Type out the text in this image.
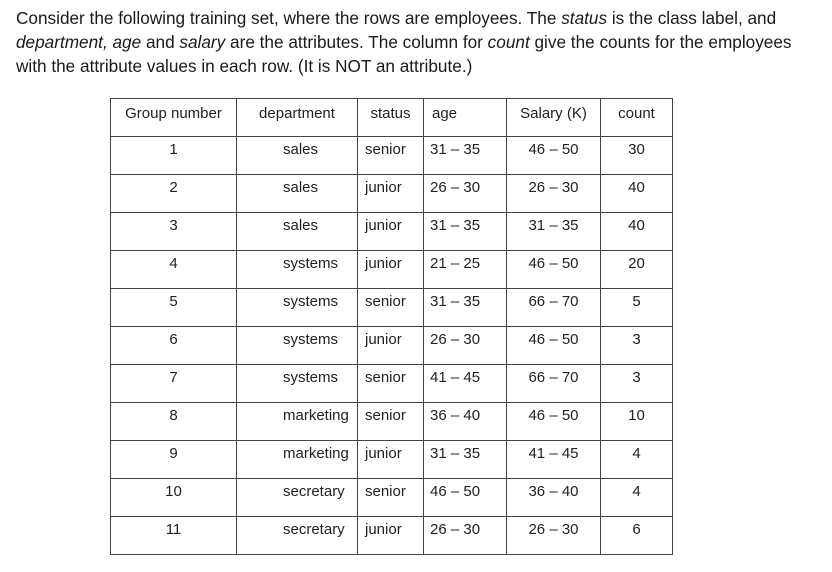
Consider the following training set, where the rows are employees. The status is the class label, and department, age and salary are the attributes. The column for count give the counts for the employees with the attribute values in each row. (It is NOT an attribute.)

Group number	department	status	age	Salary (K)	count
1	sales	senior	31 – 35	46 – 50	30
2	sales	junior	26 – 30	26 – 30	40
3	sales	junior	31 – 35	31 – 35	40
4	systems	junior	21 – 25	46 – 50	20
5	systems	senior	31 – 35	66 – 70	5
6	systems	junior	26 – 30	46 – 50	3
7	systems	senior	41 – 45	66 – 70	3
8	marketing	senior	36 – 40	46 – 50	10
9	marketing	junior	31 – 35	41 – 45	4
10	secretary	senior	46 – 50	36 – 40	4
11	secretary	junior	26 – 30	26 – 30	6
